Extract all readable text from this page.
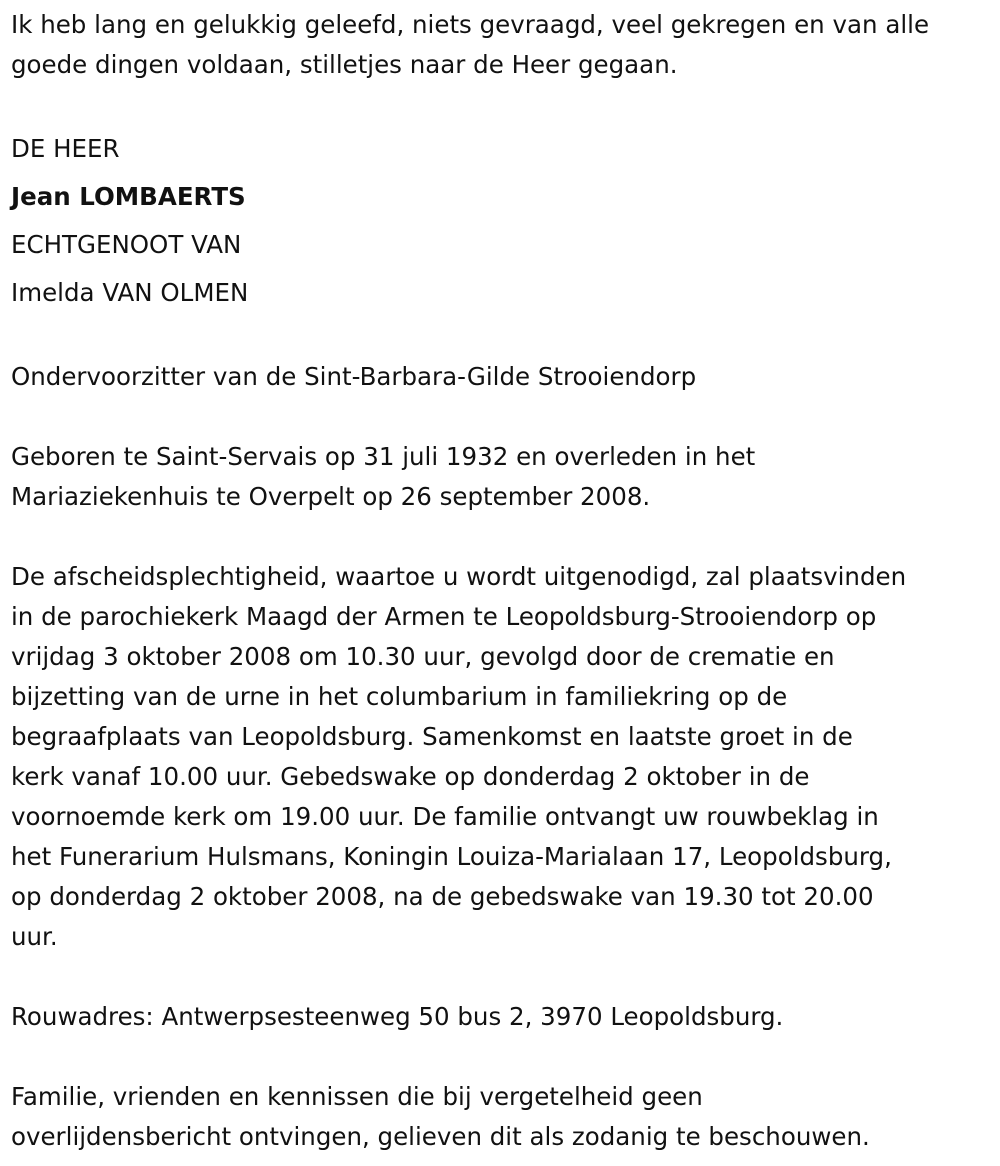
Ik heb lang en gelukkig geleefd, niets gevraagd, veel gekregen en van alle

goede dingen voldaan, stilletjes naar de Heer gegaan.

DE HEER

Jean LOMBAERTS

ECHTGENOOT VAN

Imelda VAN OLMEN

Ondervoorzitter van de Sint-Barbara-Gilde Strooiendorp

Geboren te Saint-Servais op 31 juli 1932 en overleden in het

Mariaziekenhuis te Overpelt op 26 september 2008.

De afscheidsplechtigheid, waartoe u wordt uitgenodigd, zal plaatsvinden

in de parochiekerk Maagd der Armen te Leopoldsburg-Strooiendorp op

vrijdag 3 oktober 2008 om 10.30 uur, gevolgd door de crematie en

bijzetting van de urne in het columbarium in familiekring op de

begraafplaats van Leopoldsburg. Samenkomst en laatste groet in de

kerk vanaf 10.00 uur. Gebedswake op donderdag 2 oktober in de

voornoemde kerk om 19.00 uur. De familie ontvangt uw rouwbeklag in

het Funerarium Hulsmans, Koningin Louiza-Marialaan 17, Leopoldsburg,

op donderdag 2 oktober 2008, na de gebedswake van 19.30 tot 20.00

uur.

Rouwadres: Antwerpsesteenweg 50 bus 2, 3970 Leopoldsburg.

Familie, vrienden en kennissen die bij vergetelheid geen

overlijdensbericht ontvingen, gelieven dit als zodanig te beschouwen.
